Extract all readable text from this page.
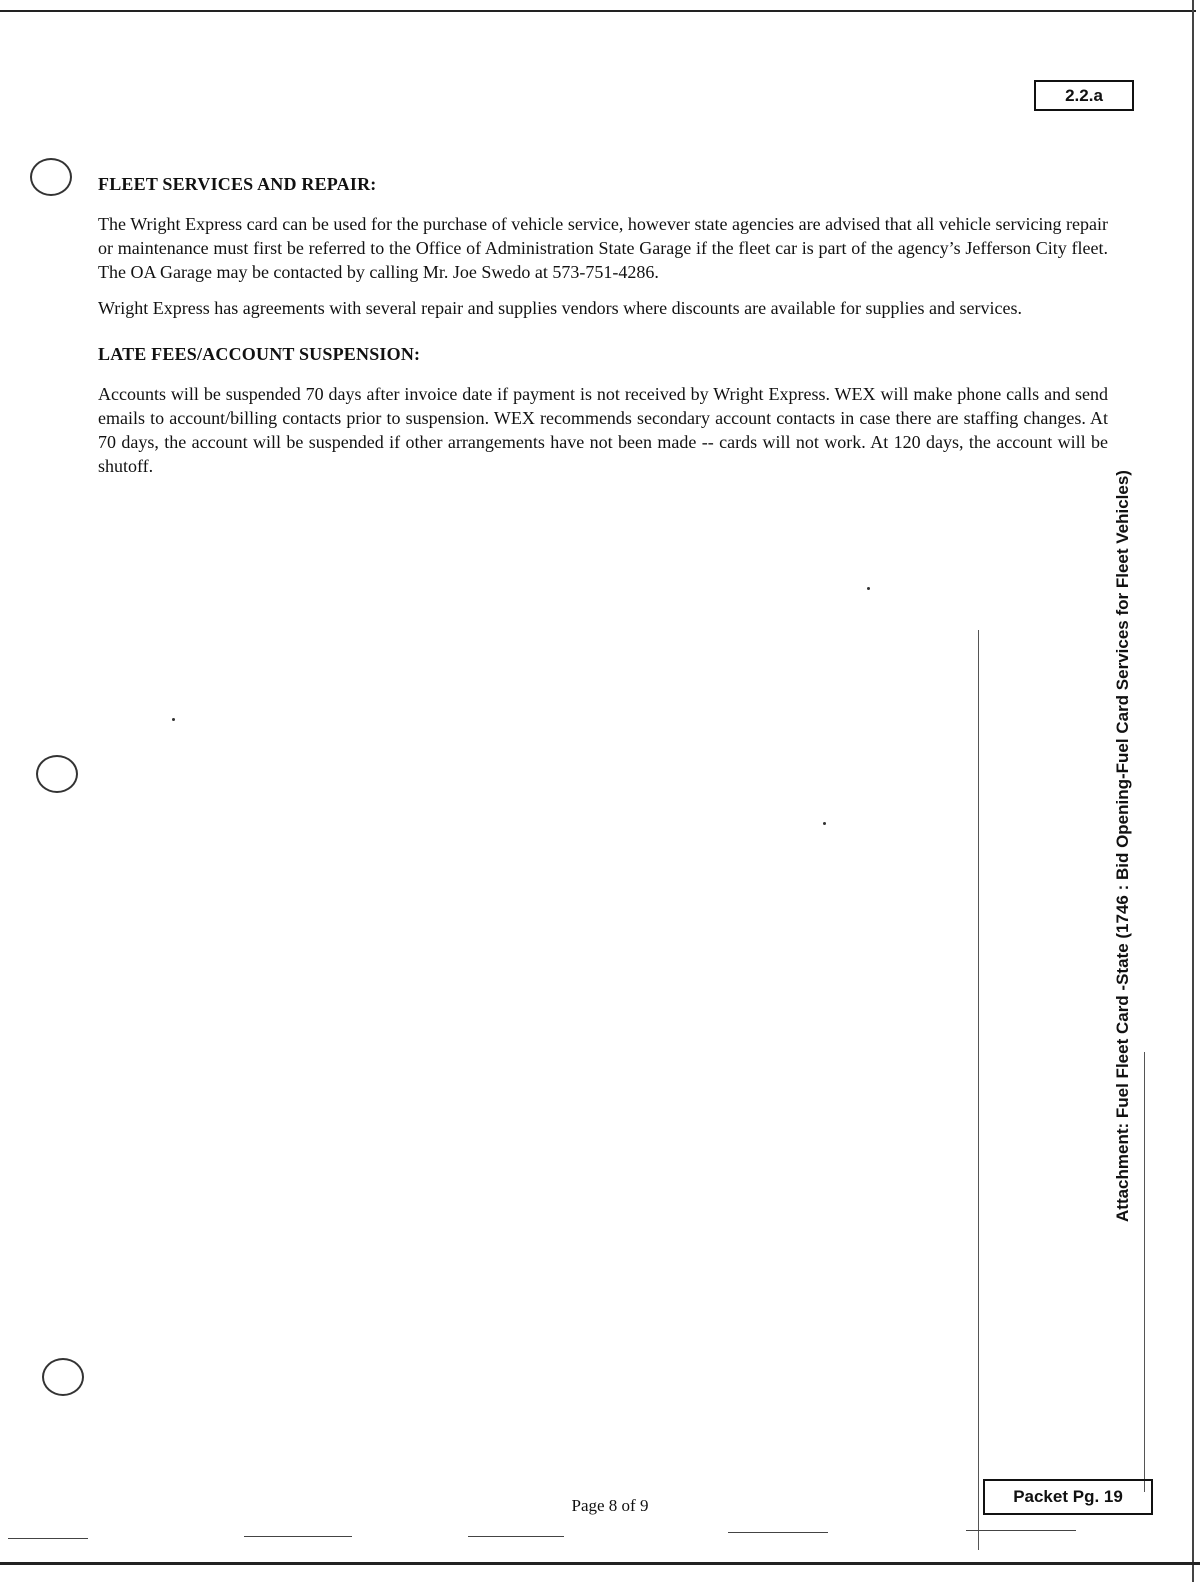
2.2.a
FLEET SERVICES AND REPAIR:

The Wright Express card can be used for the purchase of vehicle service, however state agencies are advised that all vehicle servicing repair or maintenance must first be referred to the Office of Administration State Garage if the fleet car is part of the agency’s Jefferson City fleet. The OA Garage may be contacted by calling Mr. Joe Swedo at 573-751-4286.

Wright Express has agreements with several repair and supplies vendors where discounts are available for supplies and services.

LATE FEES/ACCOUNT SUSPENSION:

Accounts will be suspended 70 days after invoice date if payment is not received by Wright Express. WEX will make phone calls and send emails to account/billing contacts prior to suspension. WEX recommends secondary account contacts in case there are staffing changes. At 70 days, the account will be suspended if other arrangements have not been made -- cards will not work. At 120 days, the account will be shutoff.

Attachment: Fuel Fleet Card -State (1746 : Bid Opening-Fuel Card Services for Fleet Vehicles)
Page 8 of 9	Packet Pg. 19
